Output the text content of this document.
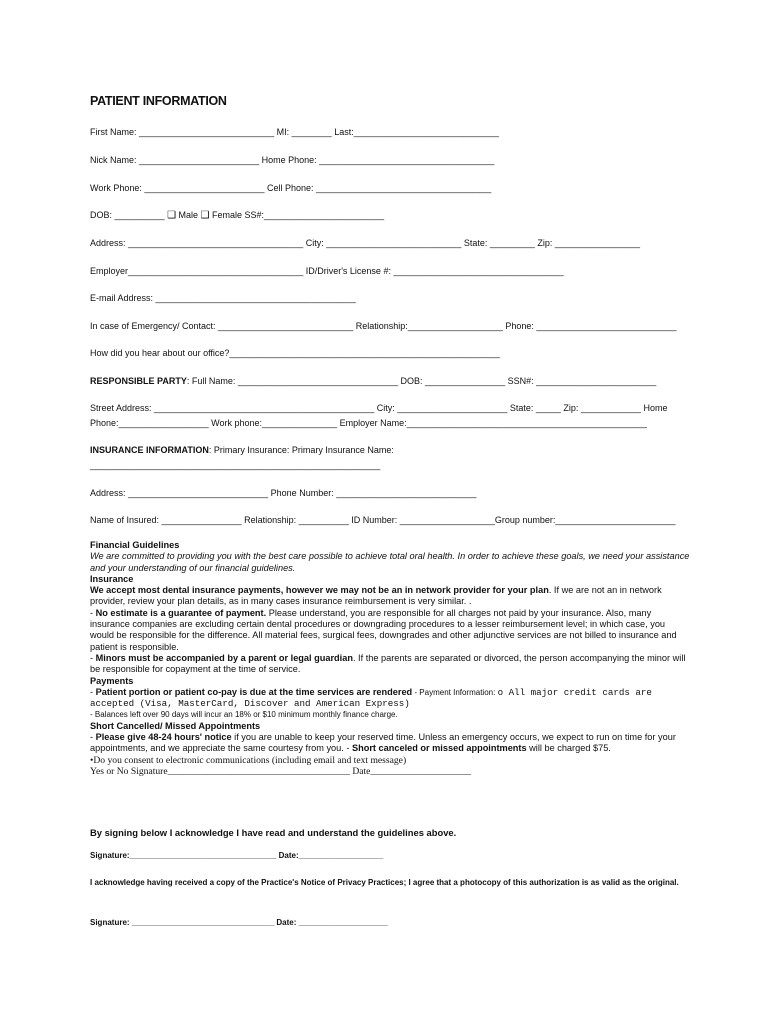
PATIENT INFORMATION
First Name: ___________________________ MI: ________ Last:_____________________________
Nick Name: ________________________ Home Phone: ___________________________________
Work Phone: ________________________ Cell Phone: ___________________________________
DOB: __________ ❑ Male ❑ Female SS#:________________________
Address: ___________________________________ City: ___________________________ State: _________ Zip: _________________
Employer___________________________________ ID/Driver's License #: __________________________________
E-mail Address: ________________________________________
In case of Emergency/ Contact: ___________________________ Relationship:___________________ Phone: ____________________________
How did you hear about our office?______________________________________________________
RESPONSIBLE PARTY: Full Name: ________________________________ DOB: ________________ SSN#: ________________________
Street Address: ____________________________________________ City: ______________________ State: _____ Zip: ____________ Home
Phone:__________________ Work phone:_______________ Employer Name:________________________________________________
INSURANCE INFORMATION: Primary Insurance: Primary Insurance Name:
__________________________________________________________
Address: ____________________________ Phone Number: ____________________________
Name of Insured: ________________ Relationship: __________ ID Number: ___________________Group number:________________________

Financial Guidelines

We are committed to providing you with the best care possible to achieve total oral health. In order to achieve these goals, we need your assistance and your understanding of our financial guidelines.

Insurance

We accept most dental insurance payments, however we may not be an in network provider for your plan. If we are not an in network provider, review your plan details, as in many cases insurance reimbursement is very similar. .

- No estimate is a guarantee of payment. Please understand, you are responsible for all charges not paid by your insurance. Also, many insurance companies are excluding certain dental procedures or downgrading procedures to a lesser reimbursement level; in which case, you would be responsible for the difference. All material fees, surgical fees, downgrades and other adjunctive services are not billed to insurance and patient is responsible.

- Minors must be accompanied by a parent or legal guardian. If the parents are separated or divorced, the person accompanying the minor will be responsible for copayment at the time of service.

Payments

- Patient portion or patient co-pay is due at the time services are rendered - Payment Information: o All major credit cards are accepted (Visa, MasterCard, Discover and American Express)

- Balances left over 90 days will incur an 18% or $10 minimum monthly finance charge.

Short Cancelled/ Missed Appointments

- Please give 48-24 hours' notice if you are unable to keep your reserved time. Unless an emergency occurs, we expect to run on time for your appointments, and we appreciate the same courtesy from you. - Short canceled or missed appointments will be charged $75.

•Do you consent to electronic communications (including email and text message)

Yes or No Signature______________________________________ Date_____________________

By signing below I acknowledge I have read and understand the guidelines above.
Signature:_________________________________ Date:___________________
I acknowledge having received a copy of the Practice's Notice of Privacy Practices; I agree that a photocopy of this authorization is as valid as the original.
Signature: ________________________________ Date: ____________________
